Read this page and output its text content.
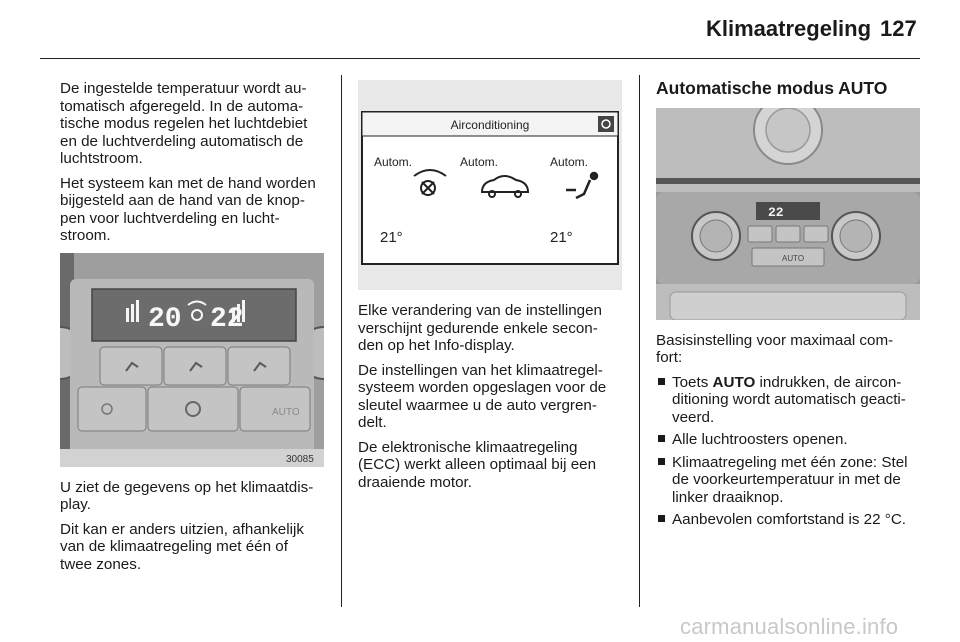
Klimaatregeling 127

De ingestelde temperatuur wordt au-
tomatisch afgeregeld. In de automa-
tische modus regelen het luchtdebiet
en de luchtverdeling automatisch de
luchtstroom.

Het systeem kan met de hand worden
bijgesteld aan de hand van de knop-
pen voor luchtverdeling en lucht-
stroom.

20 22
AUTO
30085

U ziet de gegevens op het klimaatdis-
play.

Dit kan er anders uitzien, afhankelijk
van de klimaatregeling met één of
twee zones.

Airconditioning
Autom.	Autom.	Autom.
21°	21°

Elke verandering van de instellingen
verschijnt gedurende enkele secon-
den op het Info-display.

De instellingen van het klimaatregel-
systeem worden opgeslagen voor de
sleutel waarmee u de auto vergren-
delt.

De elektronische klimaatregeling
(ECC) werkt alleen optimaal bij een
draaiende motor.

Automatische modus AUTO
22
AUTO

Basisinstelling voor maximaal com-
fort:

Toets AUTO indrukken, de aircon-
ditioning wordt automatisch geacti-
veerd.
Alle luchtroosters openen.
Klimaatregeling met één zone: Stel
de voorkeurtemperatuur in met de
linker draaiknop.
Aanbevolen comfortstand is 22 °C.
carmanualsonline.info
